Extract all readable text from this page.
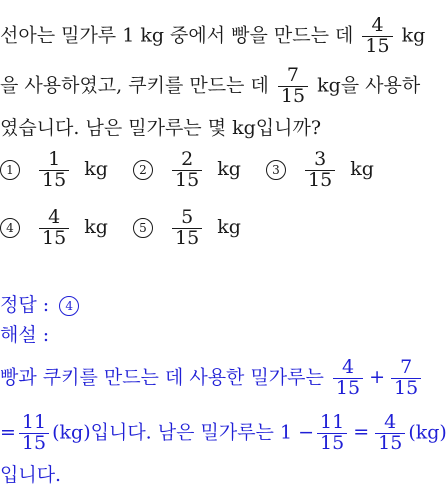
선아는 밀가루 1 kg 중에서 빵을 만드는 데 $\frac{4}{15}$ kg
을 사용하였고, 쿠키를 만드는 데 $\frac{7}{15}$ kg을 사용하
였습니다. 남은 밀가루는 몇 kg입니까?
$1 \frac{1}{15}$ kg	$2 \frac{2}{15}$ kg	$3 \frac{3}{15}$ kg
$4 \frac{4}{15}$ kg	$5 \frac{5}{15}$ kg
정답 : 4
해설 :
빵과 쿠키를 만드는 데 사용한 밀가루는 $\frac{4}{15} + \frac{7}{15}$
= $\frac{11}{15} (kg)$입니다. 남은 밀가루는 $1 - \frac{11}{15} = \frac{4}{15} (kg)$
입니다.
